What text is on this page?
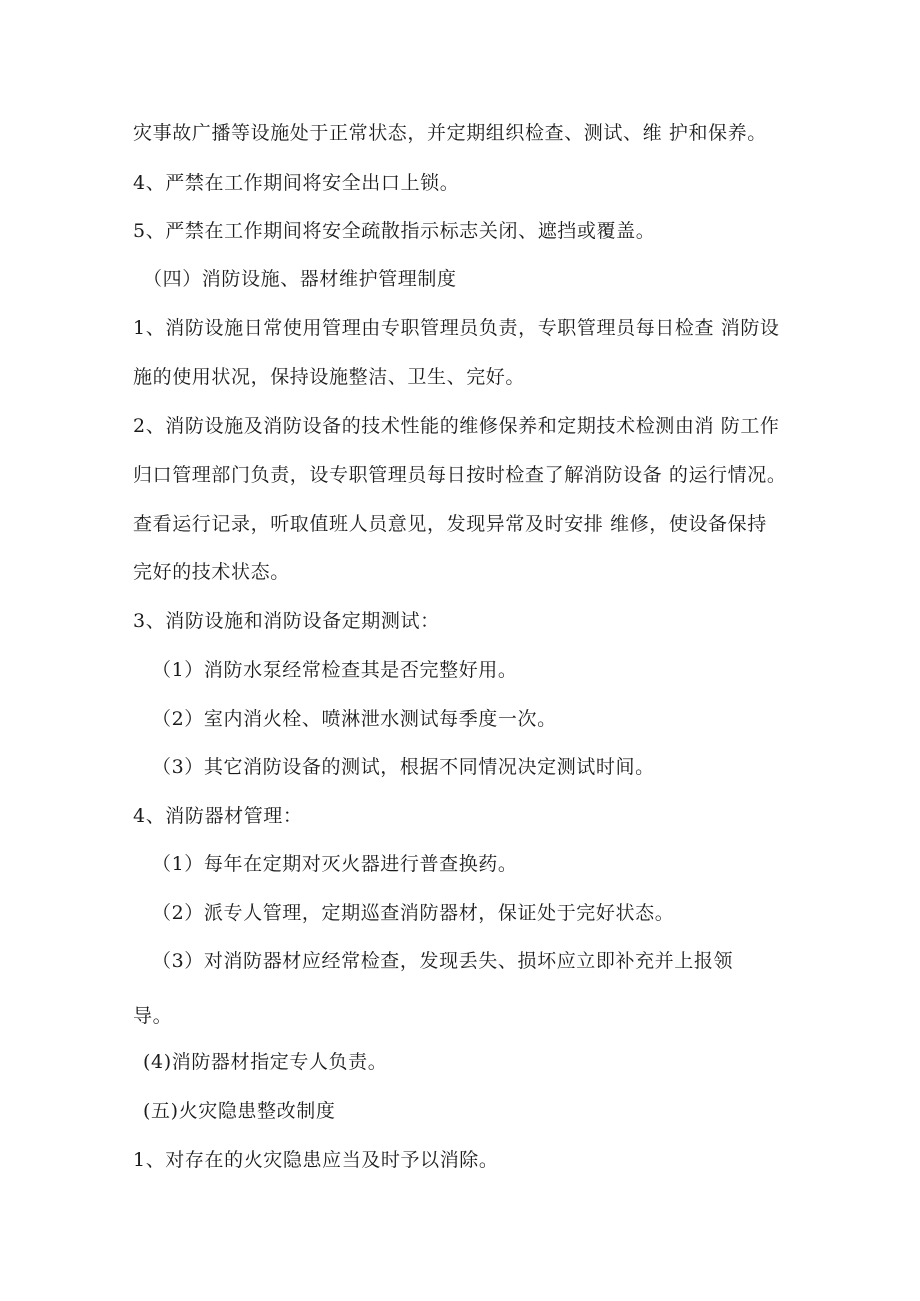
灾事故广播等设施处于正常状态，并定期组织检查、测试、维 护和保养。

4、严禁在工作期间将安全出口上锁。

5、严禁在工作期间将安全疏散指示标志关闭、遮挡或覆盖。

（四）消防设施、器材维护管理制度

1、消防设施日常使用管理由专职管理员负责，专职管理员每日检查 消防设

施的使用状况，保持设施整洁、卫生、完好。

2、消防设施及消防设备的技术性能的维修保养和定期技术检测由消 防工作

归口管理部门负责，设专职管理员每日按时检查了解消防设备 的运行情况。

查看运行记录，听取值班人员意见，发现异常及时安排 维修，使设备保持

完好的技术状态。

3、消防设施和消防设备定期测试：

（1）消防水泵经常检查其是否完整好用。

（2）室内消火栓、喷淋泄水测试每季度一次。

（3）其它消防设备的测试，根据不同情况决定测试时间。

4、消防器材管理：

（1）每年在定期对灭火器进行普查换药。

（2）派专人管理，定期巡查消防器材，保证处于完好状态。

（3）对消防器材应经常检查，发现丢失、损坏应立即补充并上报领

导。

(4)消防器材指定专人负责。

(五)火灾隐患整改制度

1、对存在的火灾隐患应当及时予以消除。
